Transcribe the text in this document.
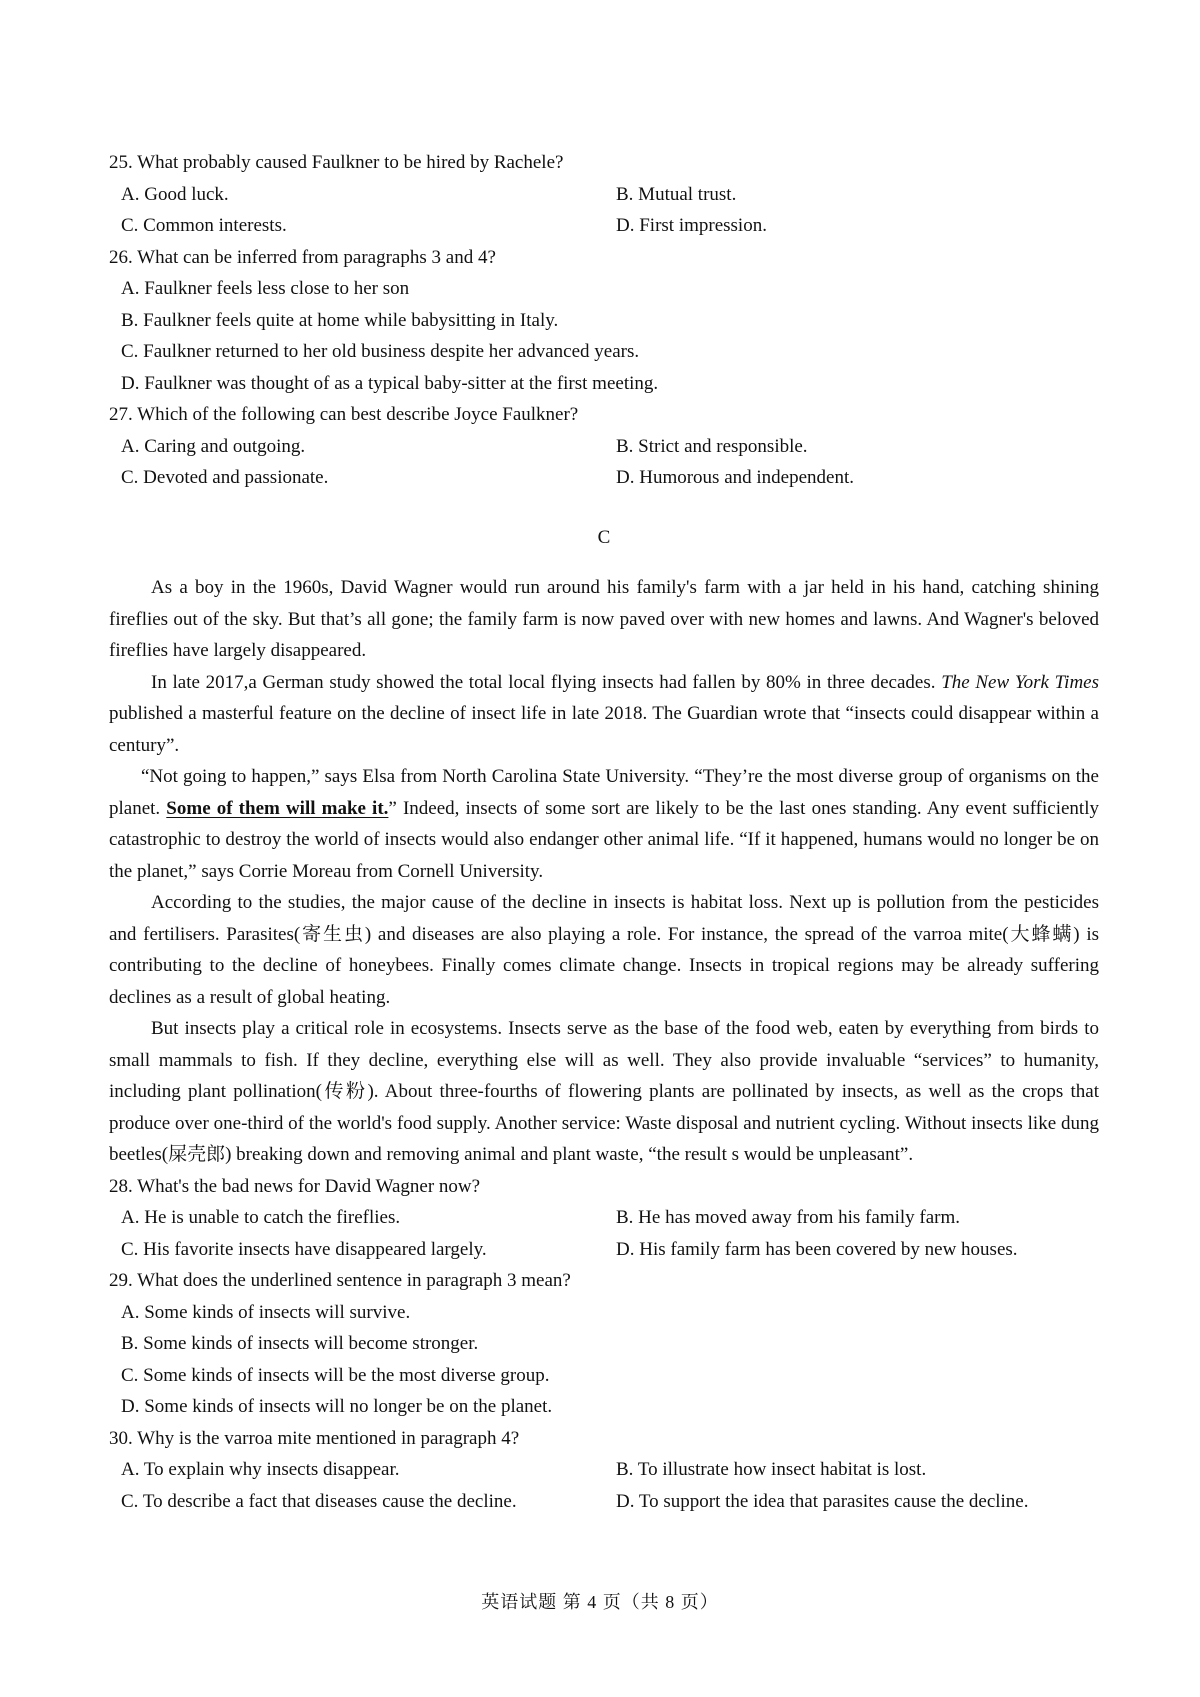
25. What probably caused Faulkner to be hired by Rachele?

A. Good luck.	B. Mutual trust.
C. Common interests.	D. First impression.

26. What can be inferred from paragraphs 3 and 4?

A. Faulkner feels less close to her son

B. Faulkner feels quite at home while babysitting in Italy.

C. Faulkner returned to her old business despite her advanced years.

D. Faulkner was thought of as a typical baby-sitter at the first meeting.

27. Which of the following can best describe Joyce Faulkner?

A. Caring and outgoing.	B. Strict and responsible.
C. Devoted and passionate.	D. Humorous and independent.

C

As a boy in the 1960s, David Wagner would run around his family's farm with a jar held in his hand, catching shining fireflies out of the sky. But that’s all gone; the family farm is now paved over with new homes and lawns. And Wagner's beloved fireflies have largely disappeared.

In late 2017,a German study showed the total local flying insects had fallen by 80% in three decades. The New York Times published a masterful feature on the decline of insect life in late 2018. The Guardian wrote that “insects could disappear within a century”.

“Not going to happen,” says Elsa from North Carolina State University. “They’re the most diverse group of organisms on the planet. Some of them will make it.” Indeed, insects of some sort are likely to be the last ones standing. Any event sufficiently catastrophic to destroy the world of insects would also endanger other animal life. “If it happened, humans would no longer be on the planet,” says Corrie Moreau from Cornell University.

According to the studies, the major cause of the decline in insects is habitat loss. Next up is pollution from the pesticides and fertilisers. Parasites(寄生虫) and diseases are also playing a role. For instance, the spread of the varroa mite(大蜂螨) is contributing to the decline of honeybees. Finally comes climate change. Insects in tropical regions may be already suffering declines as a result of global heating.

But insects play a critical role in ecosystems. Insects serve as the base of the food web, eaten by everything from birds to small mammals to fish. If they decline, everything else will as well. They also provide invaluable “services” to humanity, including plant pollination(传粉). About three-fourths of flowering plants are pollinated by insects, as well as the crops that produce over one-third of the world's food supply. Another service: Waste disposal and nutrient cycling. Without insects like dung beetles(屎壳郎) breaking down and removing animal and plant waste, “the result s would be unpleasant”.

28. What's the bad news for David Wagner now?

A. He is unable to catch the fireflies.	B. He has moved away from his family farm.
C. His favorite insects have disappeared largely.	D. His family farm has been covered by new houses.

29. What does the underlined sentence in paragraph 3 mean?

A. Some kinds of insects will survive.

B. Some kinds of insects will become stronger.

C. Some kinds of insects will be the most diverse group.

D. Some kinds of insects will no longer be on the planet.

30. Why is the varroa mite mentioned in paragraph 4?

A. To explain why insects disappear.	B. To illustrate how insect habitat is lost.
C. To describe a fact that diseases cause the decline.	D. To support the idea that parasites cause the decline.
英语试题 第 4 页（共 8 页）
